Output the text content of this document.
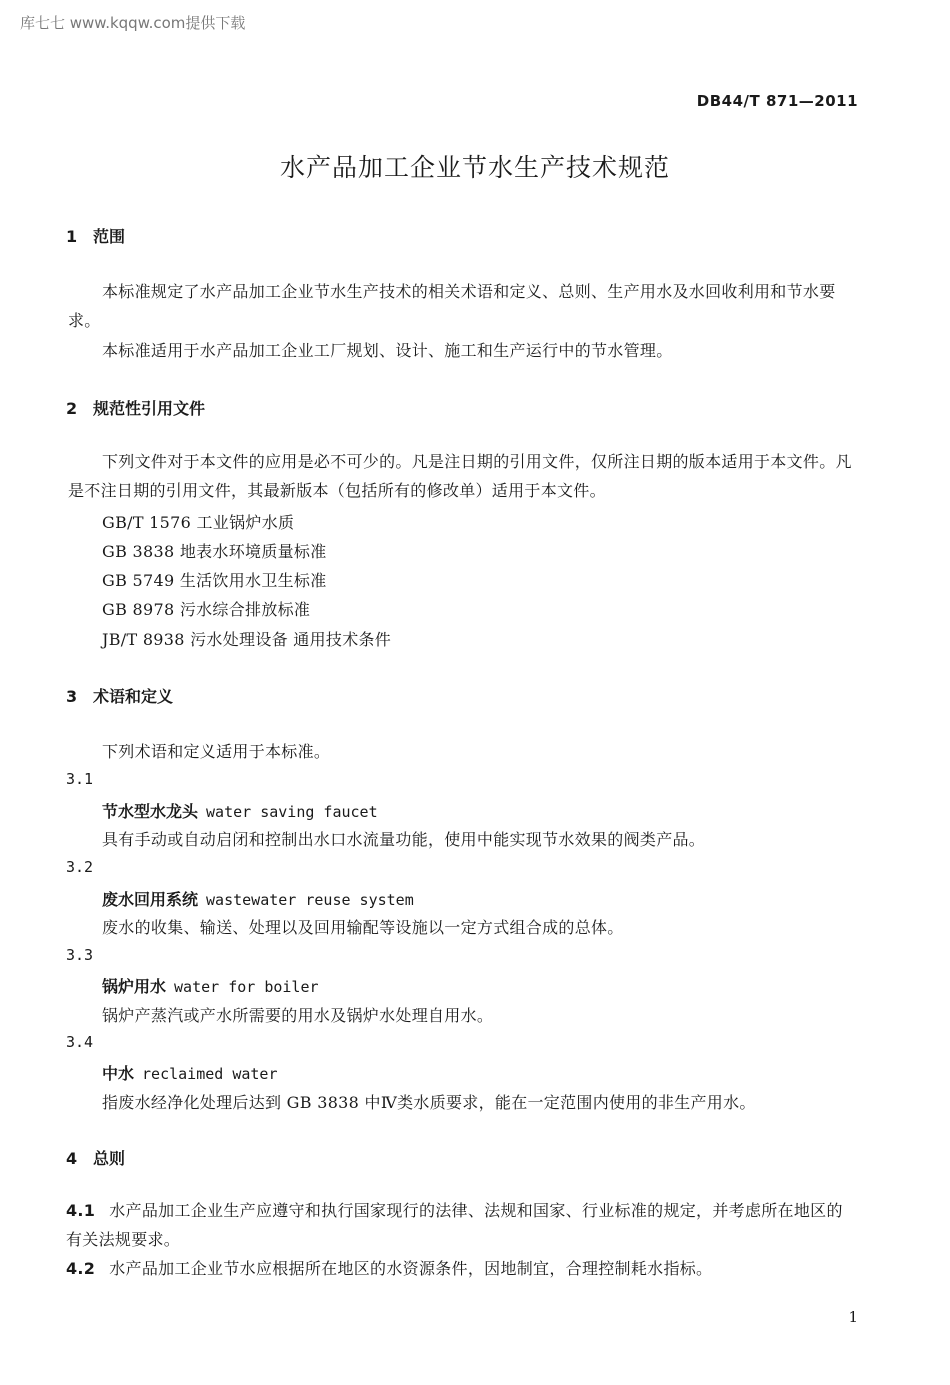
库七七 www.kqqw.com提供下载
DB44/T 871—2011
水产品加工企业节水生产技术规范
1 范围
本标准规定了水产品加工企业节水生产技术的相关术语和定义、总则、生产用水及水回收利用和节水要求。
本标准适用于水产品加工企业工厂规划、设计、施工和生产运行中的节水管理。
2 规范性引用文件
下列文件对于本文件的应用是必不可少的。凡是注日期的引用文件，仅所注日期的版本适用于本文件。凡是不注日期的引用文件，其最新版本（包括所有的修改单）适用于本文件。
GB/T 1576 工业锅炉水质
GB 3838 地表水环境质量标准
GB 5749 生活饮用水卫生标准
GB 8978 污水综合排放标准
JB/T 8938 污水处理设备 通用技术条件
3 术语和定义
下列术语和定义适用于本标准。
3.1
节水型水龙头 water saving faucet
具有手动或自动启闭和控制出水口水流量功能，使用中能实现节水效果的阀类产品。
3.2
废水回用系统 wastewater reuse system
废水的收集、输送、处理以及回用输配等设施以一定方式组合成的总体。
3.3
锅炉用水 water for boiler
锅炉产蒸汽或产水所需要的用水及锅炉水处理自用水。
3.4
中水 reclaimed water
指废水经净化处理后达到 GB 3838 中Ⅳ类水质要求，能在一定范围内使用的非生产用水。
4 总则
4.1 水产品加工企业生产应遵守和执行国家现行的法律、法规和国家、行业标准的规定，并考虑所在地区的有关法规要求。
4.2 水产品加工企业节水应根据所在地区的水资源条件，因地制宜，合理控制耗水指标。
1
